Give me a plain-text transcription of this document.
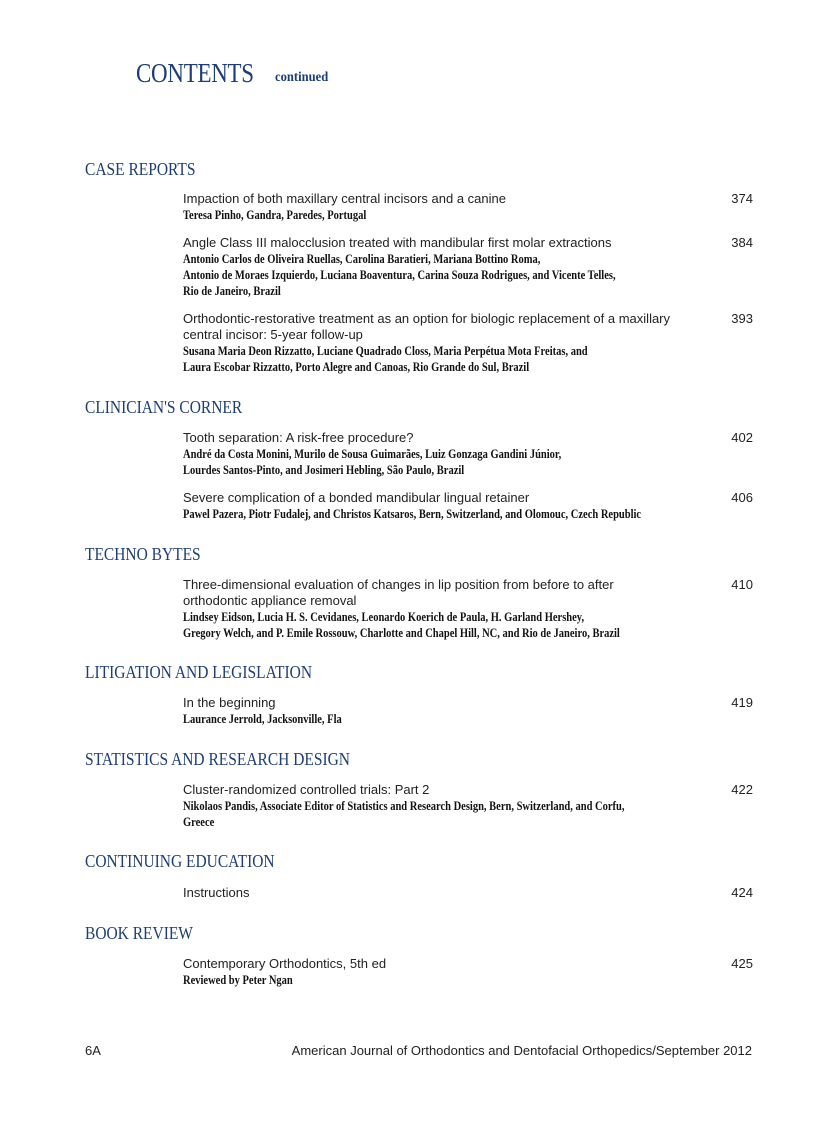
CONTENTS continued
CASE REPORTS
Impaction of both maxillary central incisors and a canine
Teresa Pinho, Gandra, Paredes, Portugal
374
Angle Class III malocclusion treated with mandibular first molar extractions
Antonio Carlos de Oliveira Ruellas, Carolina Baratieri, Mariana Bottino Roma,
Antonio de Moraes Izquierdo, Luciana Boaventura, Carina Souza Rodrigues, and Vicente Telles,
Rio de Janeiro, Brazil
384
Orthodontic-restorative treatment as an option for biologic replacement of a maxillary
central incisor: 5-year follow-up
Susana Maria Deon Rizzatto, Luciane Quadrado Closs, Maria Perpétua Mota Freitas, and
Laura Escobar Rizzatto, Porto Alegre and Canoas, Rio Grande do Sul, Brazil
393
CLINICIAN'S CORNER
Tooth separation: A risk-free procedure?
André da Costa Monini, Murilo de Sousa Guimarães, Luiz Gonzaga Gandini Júnior,
Lourdes Santos-Pinto, and Josimeri Hebling, São Paulo, Brazil
402
Severe complication of a bonded mandibular lingual retainer
Pawel Pazera, Piotr Fudalej, and Christos Katsaros, Bern, Switzerland, and Olomouc, Czech Republic
406
TECHNO BYTES
Three-dimensional evaluation of changes in lip position from before to after
orthodontic appliance removal
Lindsey Eidson, Lucia H. S. Cevidanes, Leonardo Koerich de Paula, H. Garland Hershey,
Gregory Welch, and P. Emile Rossouw, Charlotte and Chapel Hill, NC, and Rio de Janeiro, Brazil
410
LITIGATION AND LEGISLATION
In the beginning
Laurance Jerrold, Jacksonville, Fla
419
STATISTICS AND RESEARCH DESIGN
Cluster-randomized controlled trials: Part 2
Nikolaos Pandis, Associate Editor of Statistics and Research Design, Bern, Switzerland, and Corfu,
Greece
422
CONTINUING EDUCATION
Instructions	424
BOOK REVIEW
Contemporary Orthodontics, 5th ed
Reviewed by Peter Ngan
425
6A	American Journal of Orthodontics and Dentofacial Orthopedics/September 2012
